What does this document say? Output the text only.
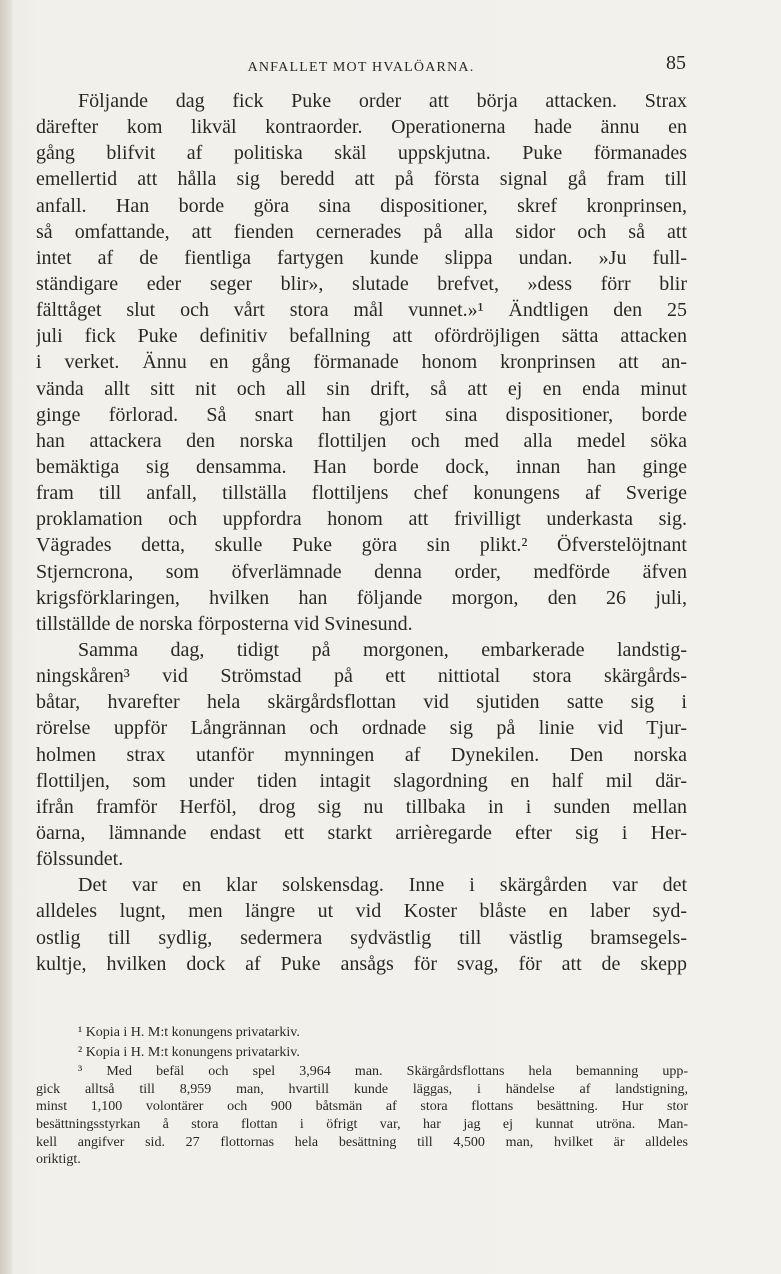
ANFALLET MOT HVALÖARNA.	85
Följande dag fick Puke order att börja attacken. Strax
därefter kom likväl kontraorder. Operationerna hade ännu en
gång blifvit af politiska skäl uppskjutna. Puke förmanades
emellertid att hålla sig beredd att på första signal gå fram till
anfall. Han borde göra sina dispositioner, skref kronprinsen,
så omfattande, att fienden cernerades på alla sidor och så att
intet af de fientliga fartygen kunde slippa undan. »Ju full-
ständigare eder seger blir», slutade brefvet, »dess förr blir
fälttåget slut och vårt stora mål vunnet.»¹ Ändtligen den 25
juli fick Puke definitiv befallning att ofördröjligen sätta attacken
i verket. Ännu en gång förmanade honom kronprinsen att an-
vända allt sitt nit och all sin drift, så att ej en enda minut
ginge förlorad. Så snart han gjort sina dispositioner, borde
han attackera den norska flottiljen och med alla medel söka
bemäktiga sig densamma. Han borde dock, innan han ginge
fram till anfall, tillställa flottiljens chef konungens af Sverige
proklamation och uppfordra honom att frivilligt underkasta sig.
Vägrades detta, skulle Puke göra sin plikt.² Öfverstelöjtnant
Stjerncrona, som öfverlämnade denna order, medförde äfven
krigsförklaringen, hvilken han följande morgon, den 26 juli,
tillställde de norska förposterna vid Svinesund.
Samma dag, tidigt på morgonen, embarkerade landstig-
ningskåren³ vid Strömstad på ett nittiotal stora skärgårds-
båtar, hvarefter hela skärgårdsflottan vid sjutiden satte sig i
rörelse uppför Långrännan och ordnade sig på linie vid Tjur-
holmen strax utanför mynningen af Dynekilen. Den norska
flottiljen, som under tiden intagit slagordning en half mil där-
ifrån framför Herföl, drog sig nu tillbaka in i sunden mellan
öarna, lämnande endast ett starkt arrièregarde efter sig i Her-
fölssundet.
Det var en klar solskensdag. Inne i skärgården var det
alldeles lugnt, men längre ut vid Koster blåste en laber syd-
ostlig till sydlig, sedermera sydvästlig till västlig bramsegels-
kultje, hvilken dock af Puke ansågs för svag, för att de skepp
¹ Kopia i H. M:t konungens privatarkiv.
² Kopia i H. M:t konungens privatarkiv.
³ Med befäl och spel 3,964 man. Skärgårdsflottans hela bemanning upp-
gick alltså till 8,959 man, hvartill kunde läggas, i händelse af landstigning,
minst 1,100 volontärer och 900 båtsmän af stora flottans besättning. Hur stor
besättningsstyrkan å stora flottan i öfrigt var, har jag ej kunnat utröna. Man-
kell angifver sid. 27 flottornas hela besättning till 4,500 man, hvilket är alldeles
oriktigt.
